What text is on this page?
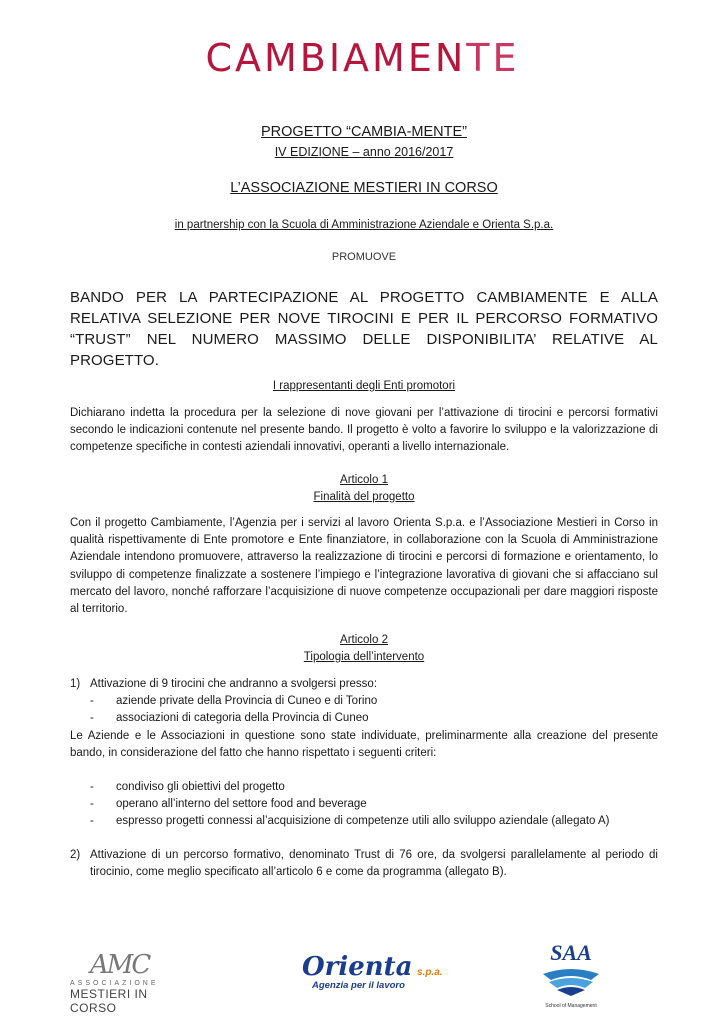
CAMBIAMENTE
PROGETTO “CAMBIA-MENTE”
IV EDIZIONE – anno 2016/2017
L’ASSOCIAZIONE MESTIERI IN CORSO
in partnership con la Scuola di Amministrazione Aziendale e Orienta S.p.a.
PROMUOVE
BANDO PER LA PARTECIPAZIONE AL PROGETTO CAMBIAMENTE E ALLA RELATIVA SELEZIONE PER NOVE TIROCINI E PER IL PERCORSO FORMATIVO “TRUST” NEL NUMERO MASSIMO DELLE DISPONIBILITA’ RELATIVE AL PROGETTO.
I rappresentanti degli Enti promotori
Dichiarano indetta la procedura per la selezione di nove giovani per l’attivazione di tirocini e percorsi formativi secondo le indicazioni contenute nel presente bando. Il progetto è volto a favorire lo sviluppo e la valorizzazione di competenze specifiche in contesti aziendali innovativi, operanti a livello internazionale.
Articolo 1
Finalità del progetto
Con il progetto Cambiamente, l’Agenzia per i servizi al lavoro Orienta S.p.a. e l’Associazione Mestieri in Corso in qualità rispettivamente di Ente promotore e Ente finanziatore, in collaborazione con la Scuola di Amministrazione Aziendale intendono promuovere, attraverso la realizzazione di tirocini e percorsi di formazione e orientamento, lo sviluppo di competenze finalizzate a sostenere l’impiego e l’integrazione lavorativa di giovani che si affacciano sul mercato del lavoro, nonché rafforzare l’acquisizione di nuove competenze occupazionali per dare maggiori risposte al territorio.
Articolo 2
Tipologia dell’intervento
1) Attivazione di 9 tirocini che andranno a svolgersi presso:
-	aziende private della Provincia di Cuneo e di Torino
-	associazioni di categoria della Provincia di Cuneo
Le Aziende e le Associazioni in questione sono state individuate, preliminarmente alla creazione del presente bando, in considerazione del fatto che hanno rispettato i seguenti criteri:
-	condiviso gli obiettivi del progetto
-	operano all’interno del settore food and beverage
-	espresso progetti connessi al’acquisizione di competenze utili allo sviluppo aziendale (allegato A)
2) Attivazione di un percorso formativo, denominato Trust di 76 ore, da svolgersi parallelamente al periodo di tirocinio, come meglio specificato all’articolo 6 e come da programma (allegato B).
AMC
ASSOCIAZIONE
MESTIERI IN CORSO
Orienta s.p.a.
Agenzia per il lavoro
SAA
School of Management
